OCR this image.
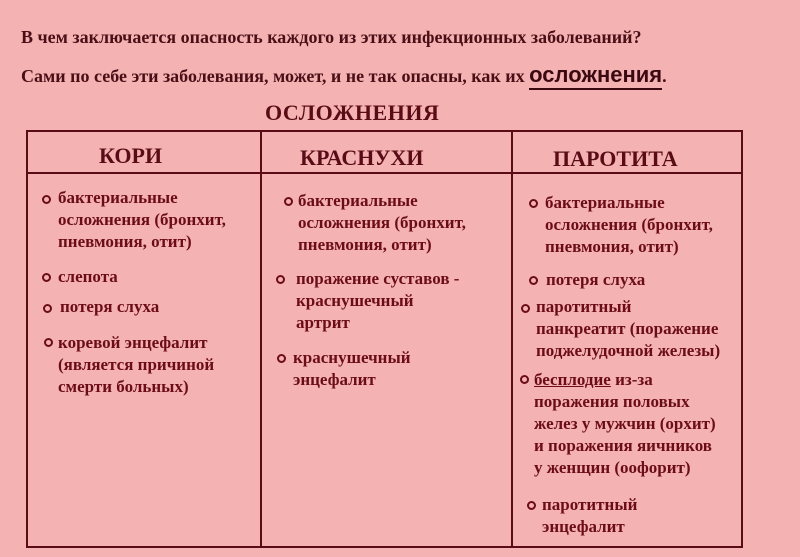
В чем заключается опасность каждого из этих инфекционных заболеваний?
Сами по себе эти заболевания, может, и не так опасны, как их осложнения.
ОСЛОЖНЕНИЯ
КОРИ	КРАСНУХИ	ПАРОТИТА
бактериальные
осложнения (бронхит,
пневмония, отит)
слепота
потеря слуха
коревой энцефалит
(является причиной
смерти больных)
бактериальные
осложнения (бронхит,
пневмония, отит)
поражение суставов -
краснушечный
артрит
краснушечный
энцефалит
бактериальные
осложнения (бронхит,
пневмония, отит)
потеря слуха
паротитный
панкреатит (поражение
поджелудочной железы)
бесплодие из-за
поражения половых
желез у мужчин (орхит)
и поражения яичников
у женщин (оофорит)
паротитный
энцефалит
